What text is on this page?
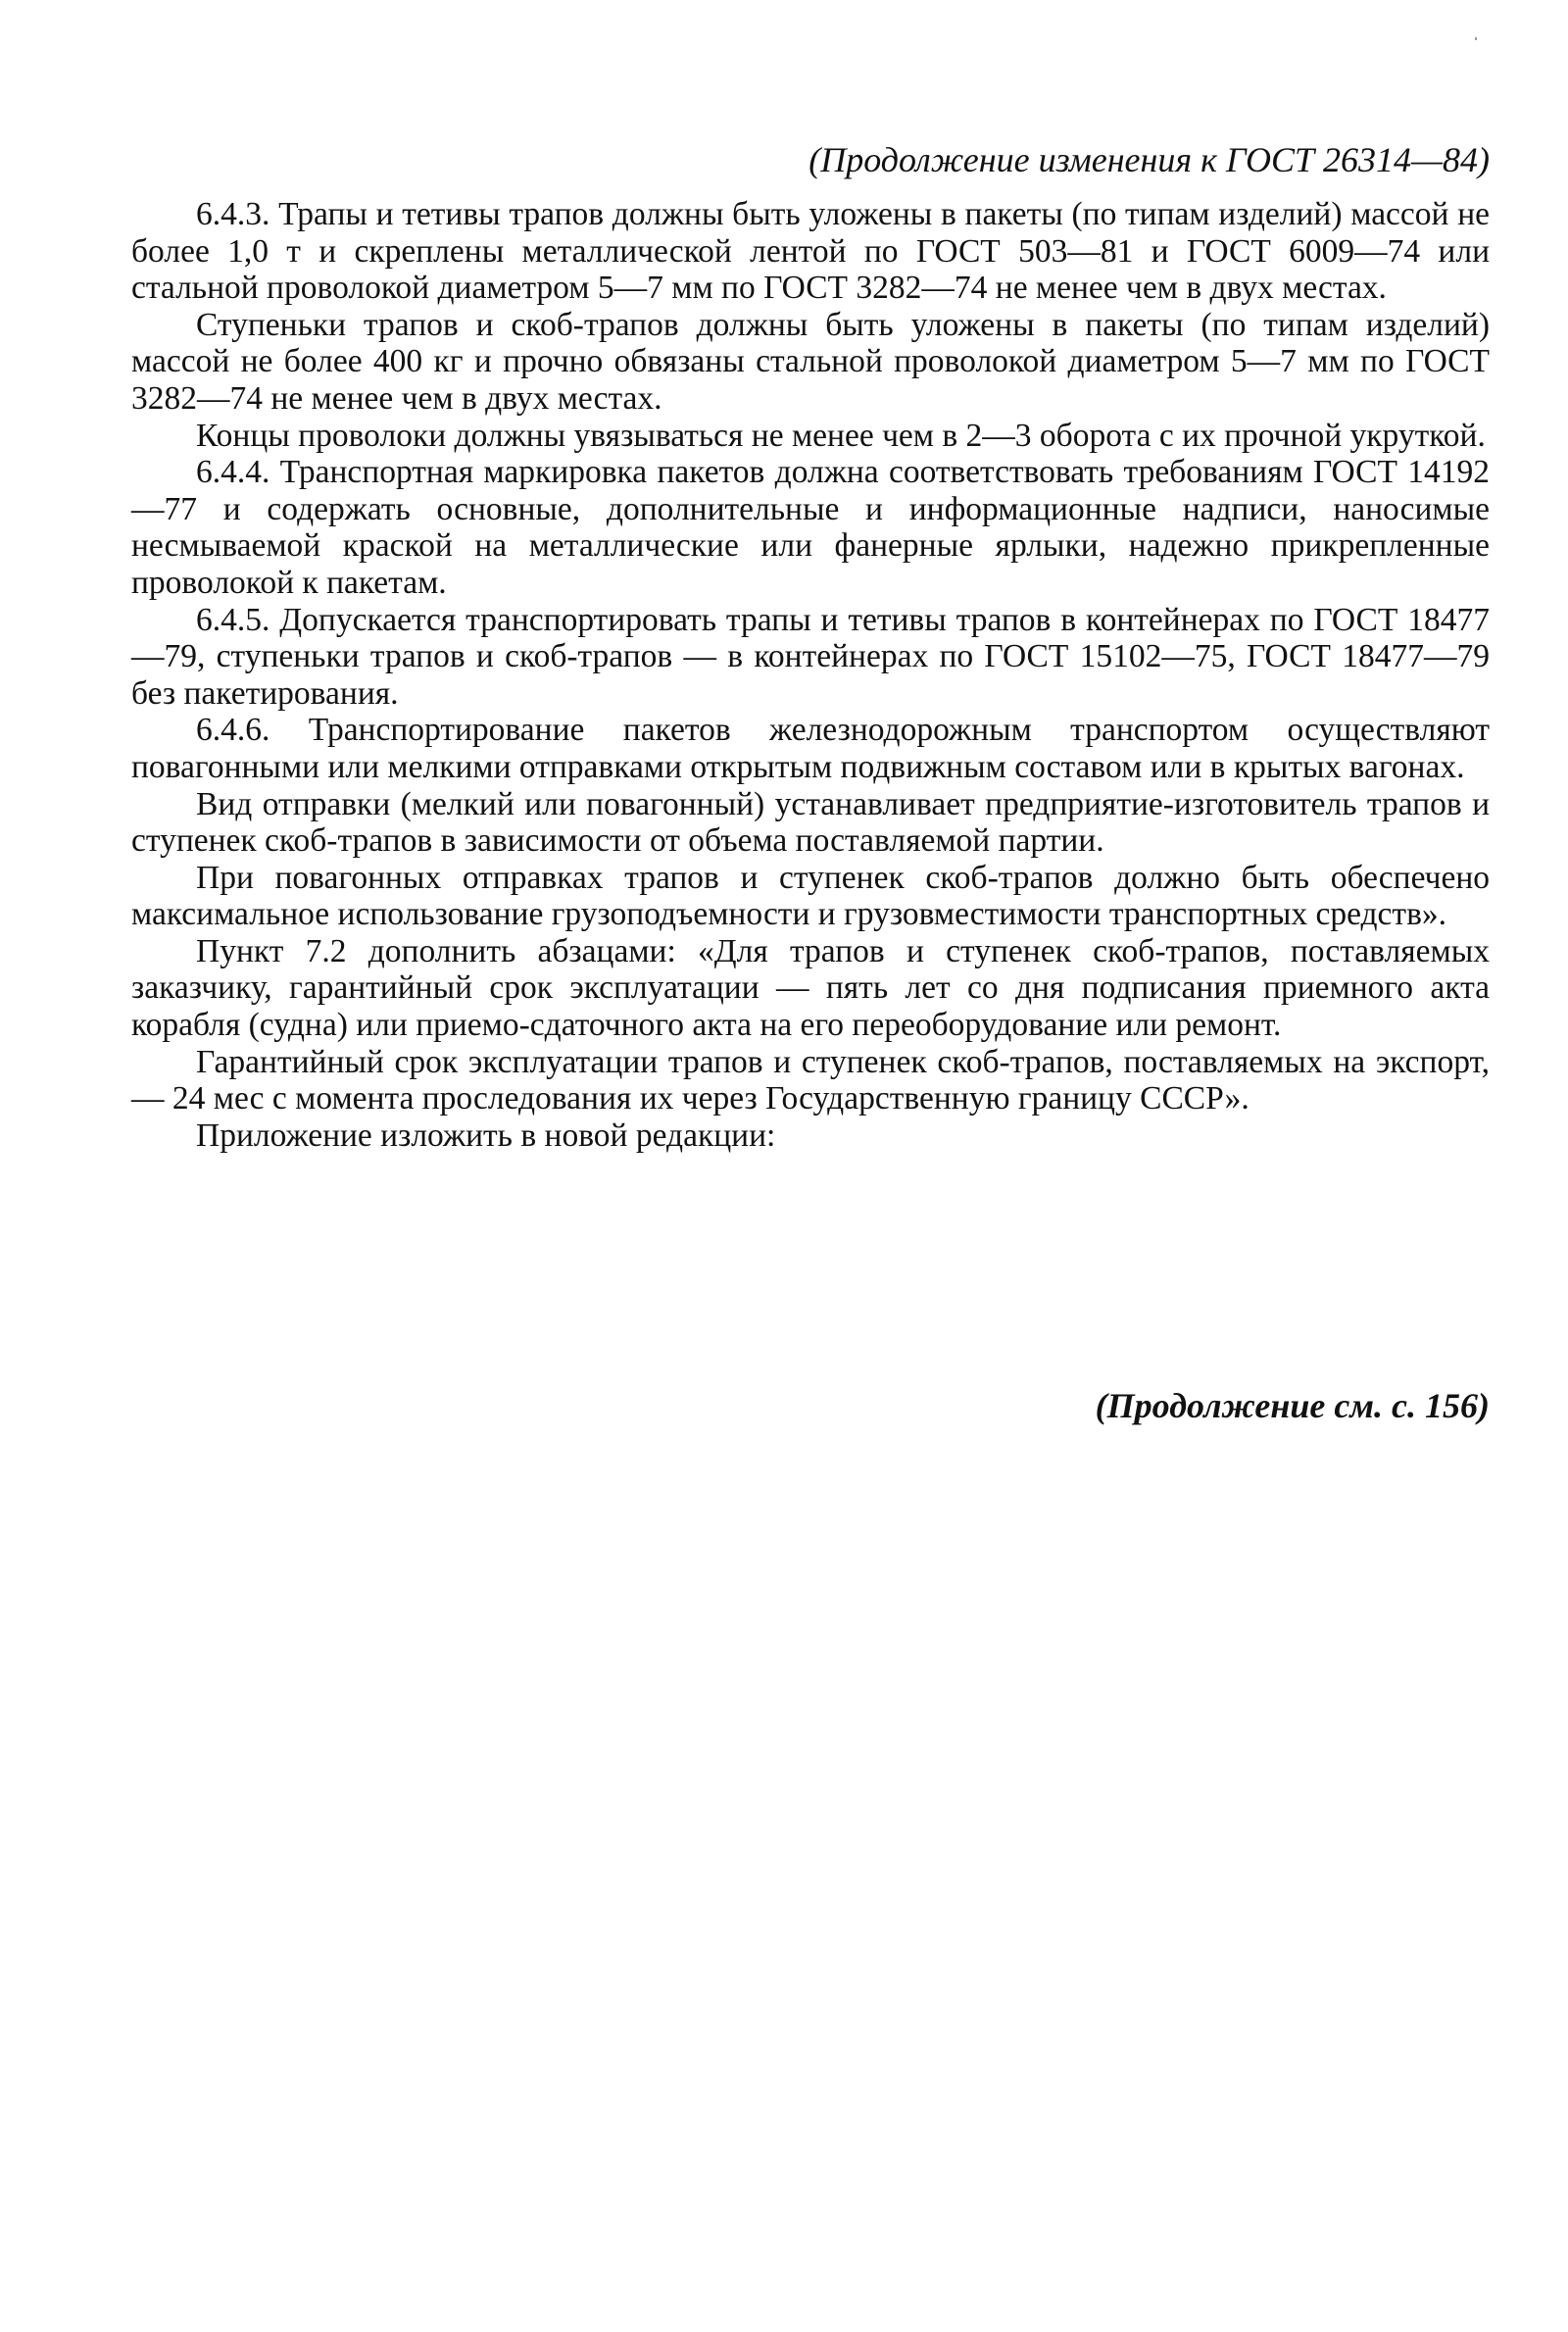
(Продолжение изменения к ГОСТ 26314—84)

6.4.3. Трапы и тетивы трапов должны быть уложены в пакеты (по типам изделий) массой не более 1,0 т и скреплены металлической лентой по ГОСТ 503—81 и ГОСТ 6009—74 или стальной проволокой диаметром 5—7 мм по ГОСТ 3282—74 не менее чем в двух местах.

Ступеньки трапов и скоб-трапов должны быть уложены в пакеты (по типам изделий) массой не более 400 кг и прочно обвязаны стальной проволокой диаметром 5—7 мм по ГОСТ 3282—74 не менее чем в двух местах.

Концы проволоки должны увязываться не менее чем в 2—3 оборота с их прочной укруткой.

6.4.4. Транспортная маркировка пакетов должна соответствовать требованиям ГОСТ 14192—77 и содержать основные, дополнительные и информационные надписи, наносимые несмываемой краской на металлические или фанерные ярлыки, надежно прикрепленные проволокой к пакетам.

6.4.5. Допускается транспортировать трапы и тетивы трапов в контейнерах по ГОСТ 18477—79, ступеньки трапов и скоб-трапов — в контейнерах по ГОСТ 15102—75, ГОСТ 18477—79 без пакетирования.

6.4.6. Транспортирование пакетов железнодорожным транспортом осуществляют повагонными или мелкими отправками открытым подвижным составом или в крытых вагонах.

Вид отправки (мелкий или повагонный) устанавливает предприятие-изготовитель трапов и ступенек скоб-трапов в зависимости от объема поставляемой партии.

При повагонных отправках трапов и ступенек скоб-трапов должно быть обеспечено максимальное использование грузоподъемности и грузовместимости транспортных средств».

Пункт 7.2 дополнить абзацами: «Для трапов и ступенек скоб-трапов, поставляемых заказчику, гарантийный срок эксплуатации — пять лет со дня подписания приемного акта корабля (судна) или приемо-сдаточного акта на его переоборудование или ремонт.

Гарантийный срок эксплуатации трапов и ступенек скоб-трапов, поставляемых на экспорт, — 24 мес с момента проследования их через Государственную границу СССР».

Приложение изложить в новой редакции:

(Продолжение см. с. 156)
